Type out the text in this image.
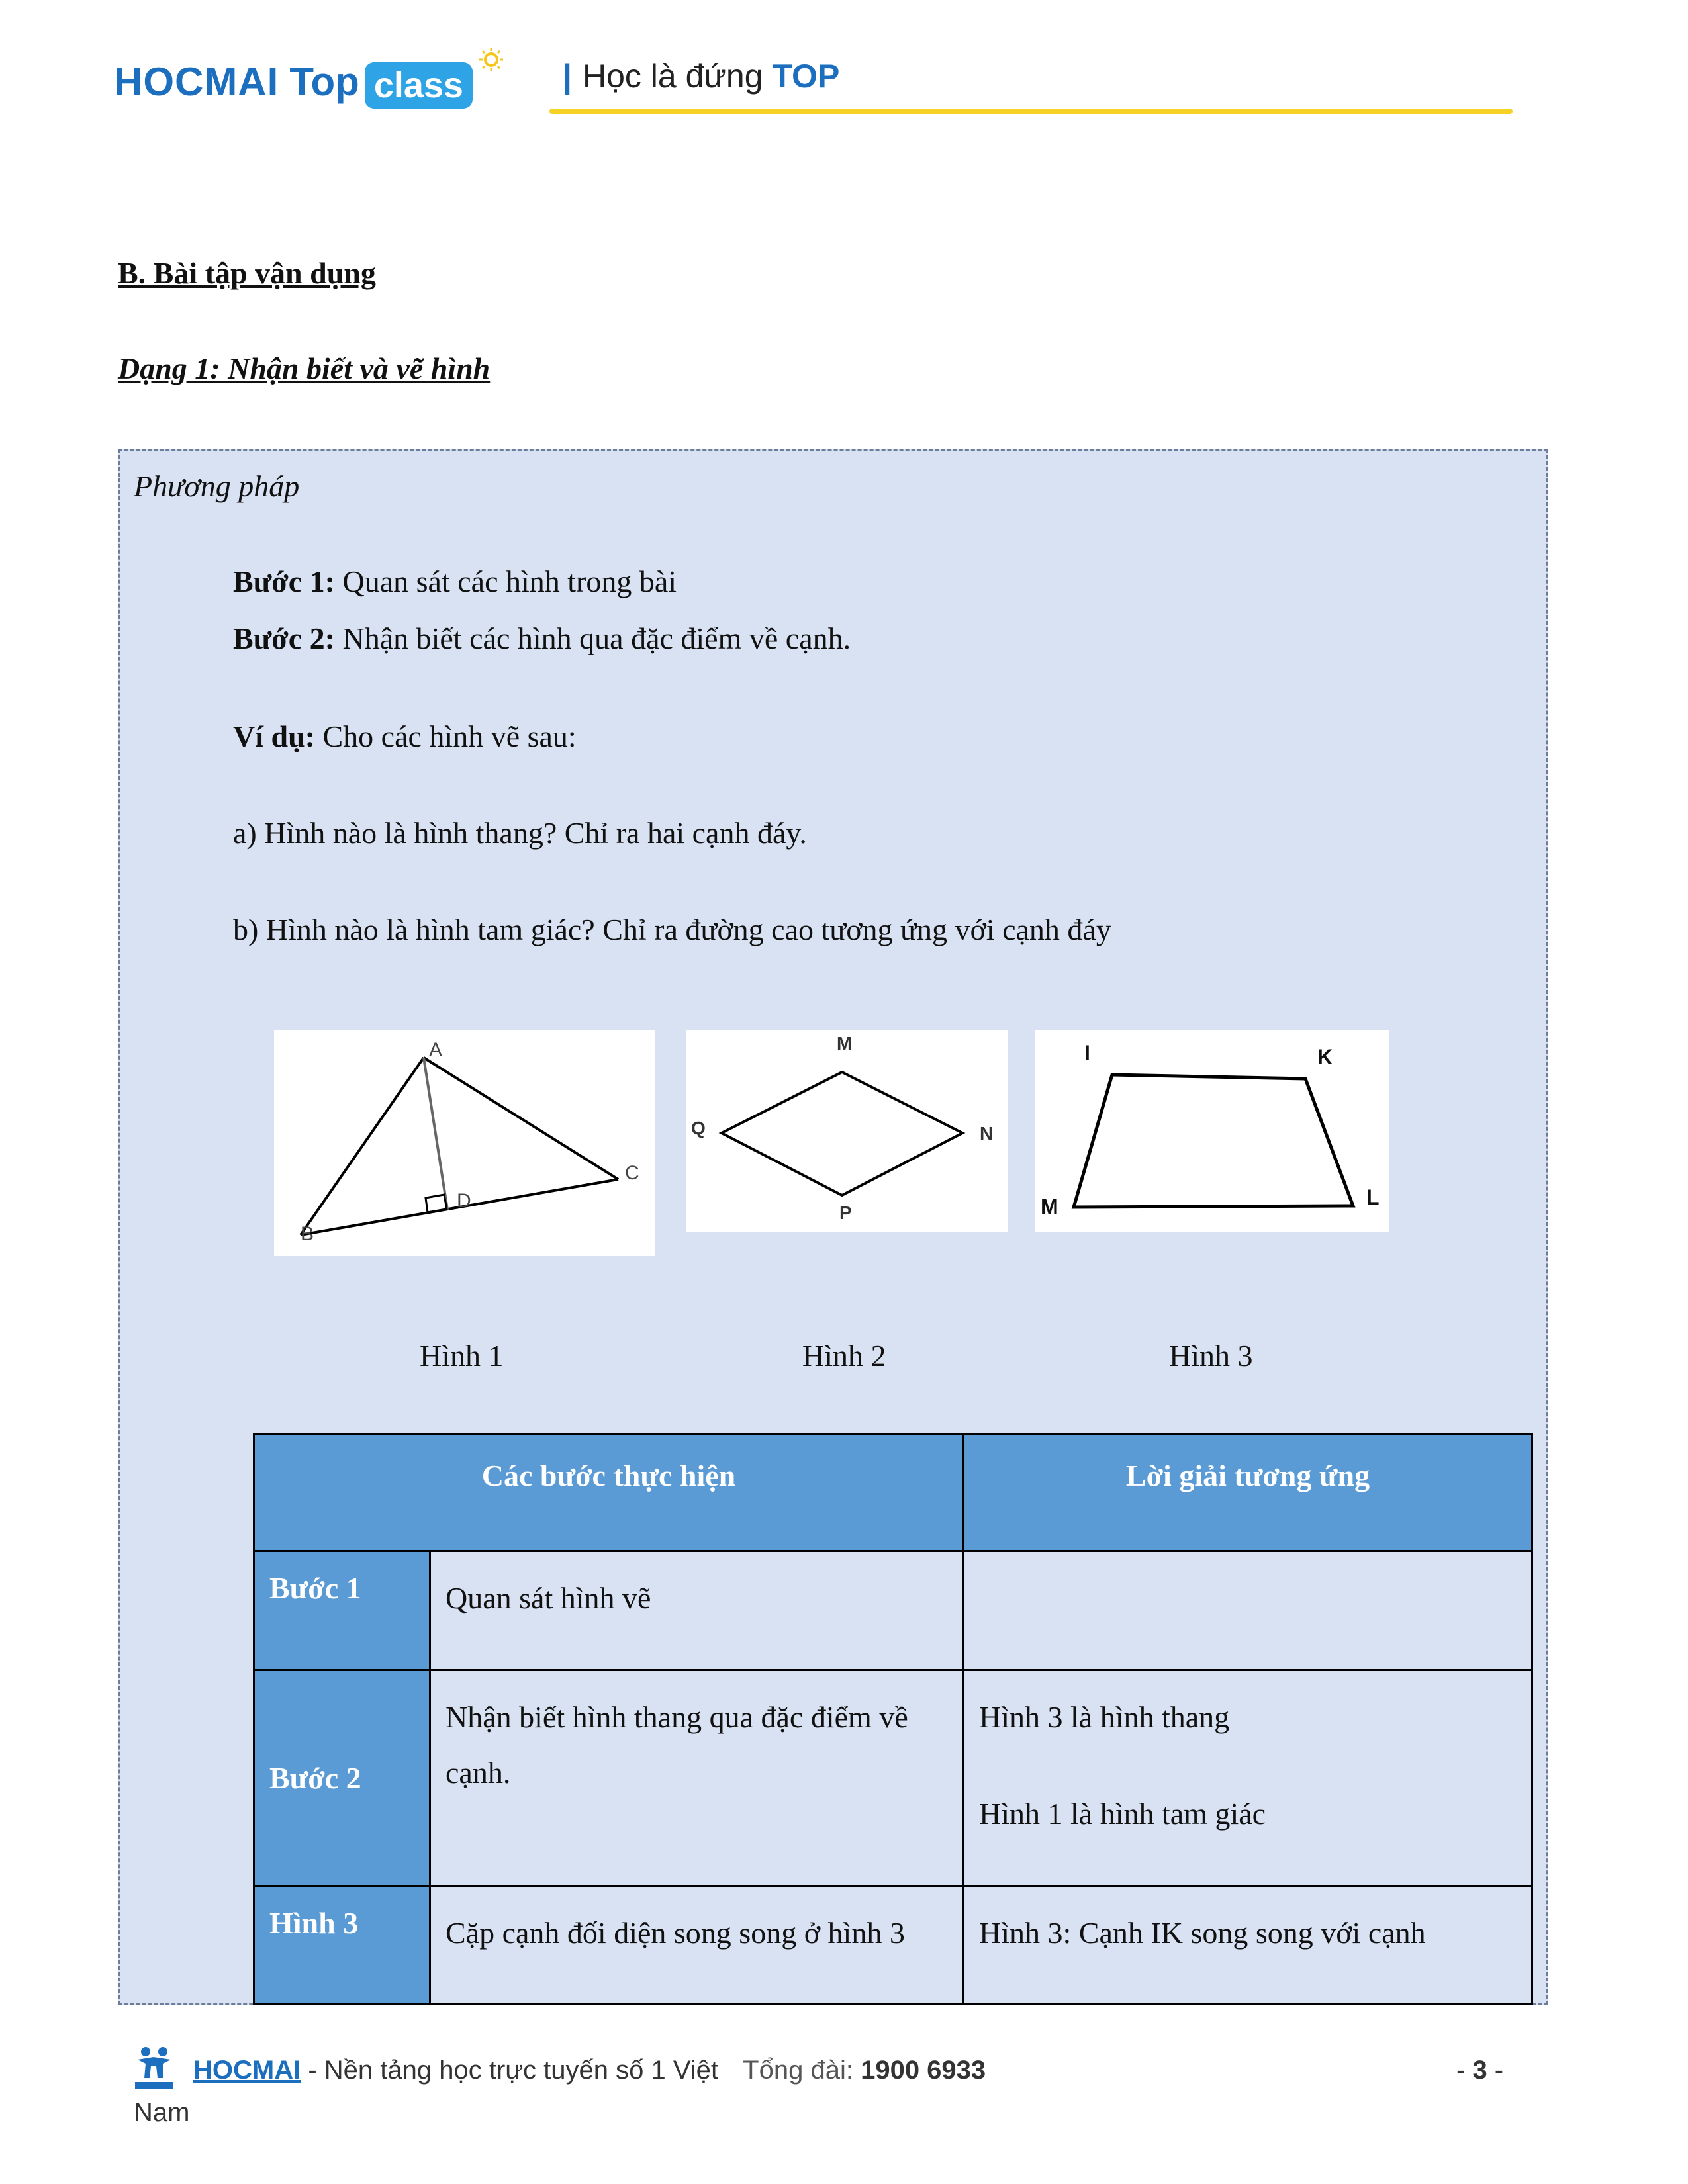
HOCMAI Top class	| Học là đứng TOP
B. Bài tập vận dụng
Dạng 1: Nhận biết và vẽ hình
Phương pháp
Bước 1: Quan sát các hình trong bài
Bước 2: Nhận biết các hình qua đặc điểm về cạnh.
Ví dụ: Cho các hình vẽ sau:
a) Hình nào là hình thang? Chỉ ra hai cạnh đáy.
b) Hình nào là hình tam giác? Chỉ ra đường cao tương ứng với cạnh đáy
A
B
C
D
M
N
P
Q
I	K
L
M
Hình 1	Hình 2	Hình 3
Các bước thực hiện		Lời giải tương ứng
Bước 1	Quan sát hình vẽ	

Bước 2	Nhận biết hình thang qua đặc điểm về cạnh.	Hình 3 là hình thang
Hình 1 là hình tam giác

Hình 3	Cặp cạnh đối diện song song ở hình 3	Hình 3: Cạnh IK song song với cạnh
HOCMAI - Nền tảng học trực tuyến số 1 Việt Tổng đài: 1900 6933
Nam
- 3 -
